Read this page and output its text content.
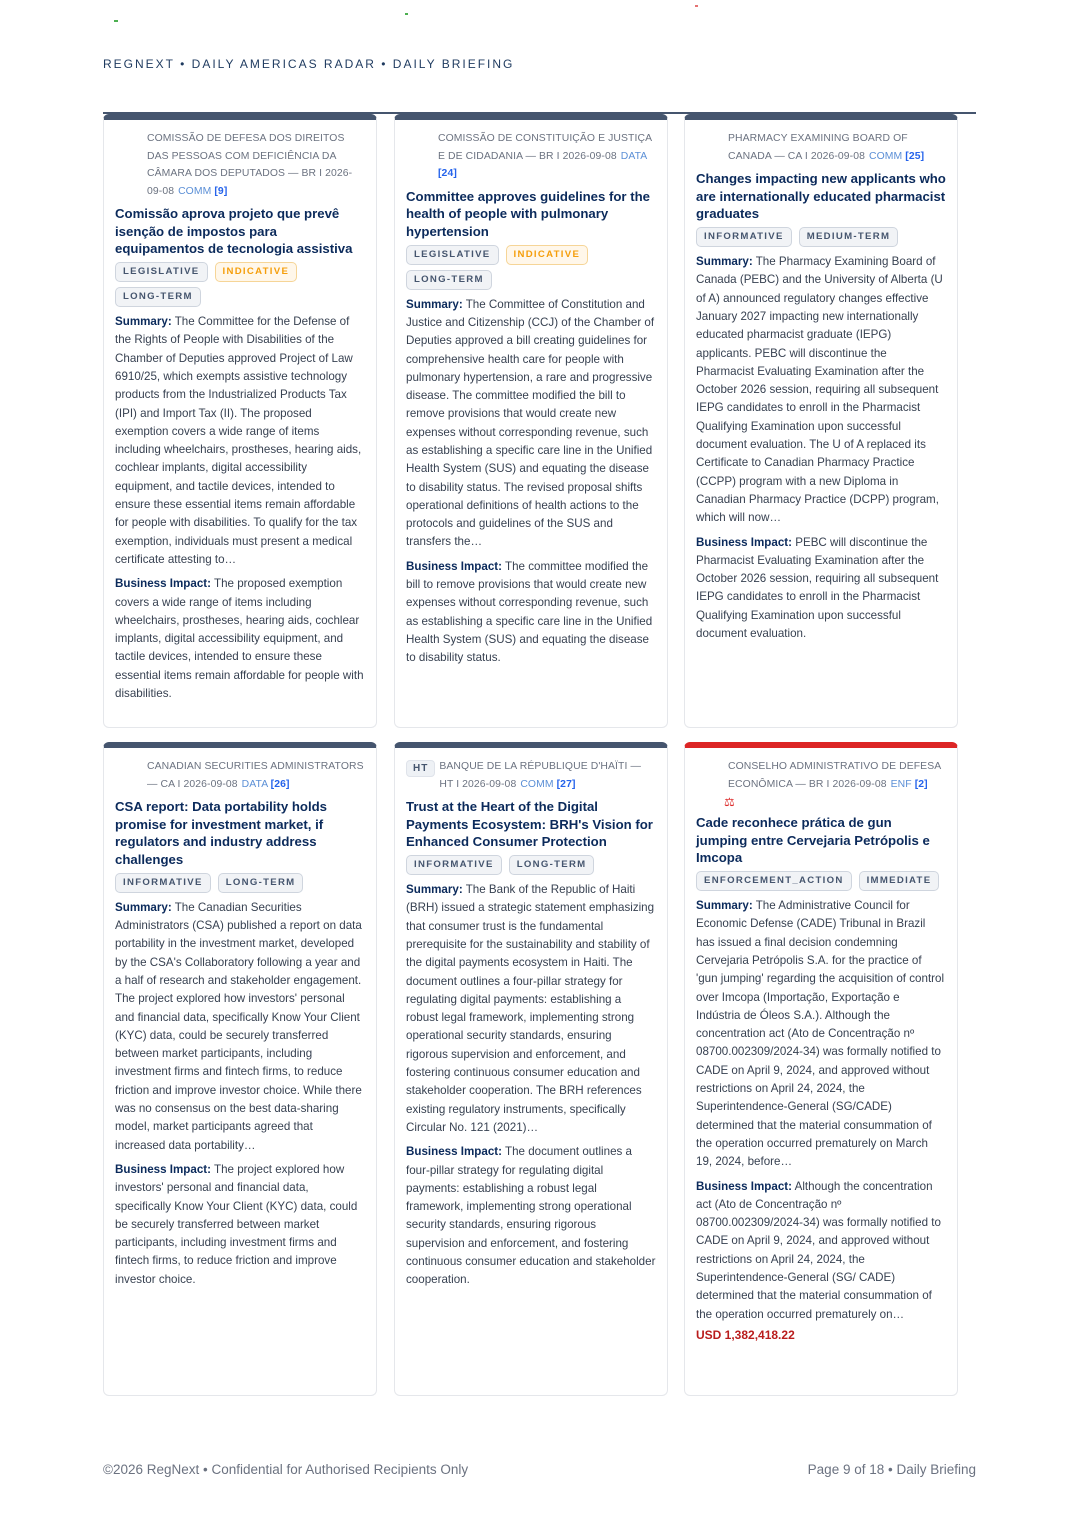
REGNEXT • DAILY AMERICAS RADAR • DAILY BRIEFING
COMISSÃO DE DEFESA DOS DIREITOS DAS PESSOAS COM DEFICIÊNCIA DA CÂMARA DOS DEPUTADOS — BR I 2026-09-08 COMM [9]
Comissão aprova projeto que prevê isenção de impostos para equipamentos de tecnologia assistiva
LEGISLATIVE	INDICATIVE
LONG-TERM
Summary: The Committee for the Defense of the Rights of People with Disabilities of the Chamber of Deputies approved Project of Law 6910/25, which exempts assistive technology products from the Industrialized Products Tax (IPI) and Import Tax (II). The proposed exemption covers a wide range of items including wheelchairs, prostheses, hearing aids, cochlear implants, digital accessibility equipment, and tactile devices, intended to ensure these essential items remain affordable for people with disabilities. To qualify for the tax exemption, individuals must present a medical certificate attesting to…
Business Impact: The proposed exemption covers a wide range of items including wheelchairs, prostheses, hearing aids, cochlear implants, digital accessibility equipment, and tactile devices, intended to ensure these essential items remain affordable for people with disabilities.
COMISSÃO DE CONSTITUIÇÃO E JUSTIÇA E DE CIDADANIA — BR I 2026-09-08 DATA [24]
Committee approves guidelines for the health of people with pulmonary hypertension
LEGISLATIVE	INDICATIVE
LONG-TERM
Summary: The Committee of Constitution and Justice and Citizenship (CCJ) of the Chamber of Deputies approved a bill creating guidelines for comprehensive health care for people with pulmonary hypertension, a rare and progressive disease. The committee modified the bill to remove provisions that would create new expenses without corresponding revenue, such as establishing a specific care line in the Unified Health System (SUS) and equating the disease to disability status. The revised proposal shifts operational definitions of health actions to the protocols and guidelines of the SUS and transfers the…
Business Impact: The committee modified the bill to remove provisions that would create new expenses without corresponding revenue, such as establishing a specific care line in the Unified Health System (SUS) and equating the disease to disability status.
PHARMACY EXAMINING BOARD OF CANADA — CA I 2026-09-08 COMM [25]
Changes impacting new applicants who are internationally educated pharmacist graduates
INFORMATIVE	MEDIUM-TERM
Summary: The Pharmacy Examining Board of Canada (PEBC) and the University of Alberta (U of A) announced regulatory changes effective January 2027 impacting new internationally educated pharmacist graduate (IEPG) applicants. PEBC will discontinue the Pharmacist Evaluating Examination after the October 2026 session, requiring all subsequent IEPG candidates to enroll in the Pharmacist Qualifying Examination upon successful document evaluation. The U of A replaced its Certificate to Canadian Pharmacy Practice (CCPP) program with a new Diploma in Canadian Pharmacy Practice (DCPP) program, which will now…
Business Impact: PEBC will discontinue the Pharmacist Evaluating Examination after the October 2026 session, requiring all subsequent IEPG candidates to enroll in the Pharmacist Qualifying Examination upon successful document evaluation.
CANADIAN SECURITIES ADMINISTRATORS — CA I 2026-09-08 DATA [26]
CSA report: Data portability holds promise for investment market, if regulators and industry address challenges
INFORMATIVE	LONG-TERM
Summary: The Canadian Securities Administrators (CSA) published a report on data portability in the investment market, developed by the CSA's Collaboratory following a year and a half of research and stakeholder engagement. The project explored how investors' personal and financial data, specifically Know Your Client (KYC) data, could be securely transferred between market participants, including investment firms and fintech firms, to reduce friction and improve investor choice. While there was no consensus on the best data-sharing model, market participants agreed that increased data portability…
Business Impact: The project explored how investors' personal and financial data, specifically Know Your Client (KYC) data, could be securely transferred between market participants, including investment firms and fintech firms, to reduce friction and improve investor choice.
HT	BANQUE DE LA RÉPUBLIQUE D'HAÏTI — HT I 2026-09-08 COMM [27]
Trust at the Heart of the Digital Payments Ecosystem: BRH's Vision for Enhanced Consumer Protection
INFORMATIVE	LONG-TERM
Summary: The Bank of the Republic of Haiti (BRH) issued a strategic statement emphasizing that consumer trust is the fundamental prerequisite for the sustainability and stability of the digital payments ecosystem in Haiti. The document outlines a four-pillar strategy for regulating digital payments: establishing a robust legal framework, implementing strong operational security standards, ensuring rigorous supervision and enforcement, and fostering continuous consumer education and stakeholder cooperation. The BRH references existing regulatory instruments, specifically Circular No. 121 (2021)…
Business Impact: The document outlines a four-pillar strategy for regulating digital payments: establishing a robust legal framework, implementing strong operational security standards, ensuring rigorous supervision and enforcement, and fostering continuous consumer education and stakeholder cooperation.
CONSELHO ADMINISTRATIVO DE DEFESA ECONÔMICA — BR I 2026-09-08 ENF [2]
⚖
Cade reconhece prática de gun jumping entre Cervejaria Petrópolis e Imcopa
ENFORCEMENT_ACTION	IMMEDIATE
Summary: The Administrative Council for Economic Defense (CADE) Tribunal in Brazil has issued a final decision condemning Cervejaria Petrópolis S.A. for the practice of 'gun jumping' regarding the acquisition of control over Imcopa (Importação, Exportação e Indústria de Óleos S.A.). Although the concentration act (Ato de Concentração nº 08700.002309/2024-34) was formally notified to CADE on April 9, 2024, and approved without restrictions on April 24, 2024, the Superintendence-General (SG/CADE) determined that the material consummation of the operation occurred prematurely on March 19, 2024, before…
Business Impact: Although the concentration act (Ato de Concentração nº 08700.002309/2024-34) was formally notified to CADE on April 9, 2024, and approved without restrictions on April 24, 2024, the Superintendence-General (SG/ CADE) determined that the material consummation of the operation occurred prematurely on…
USD 1,382,418.22
©2026 RegNext • Confidential for Authorised Recipients Only	Page 9 of 18 • Daily Briefing
